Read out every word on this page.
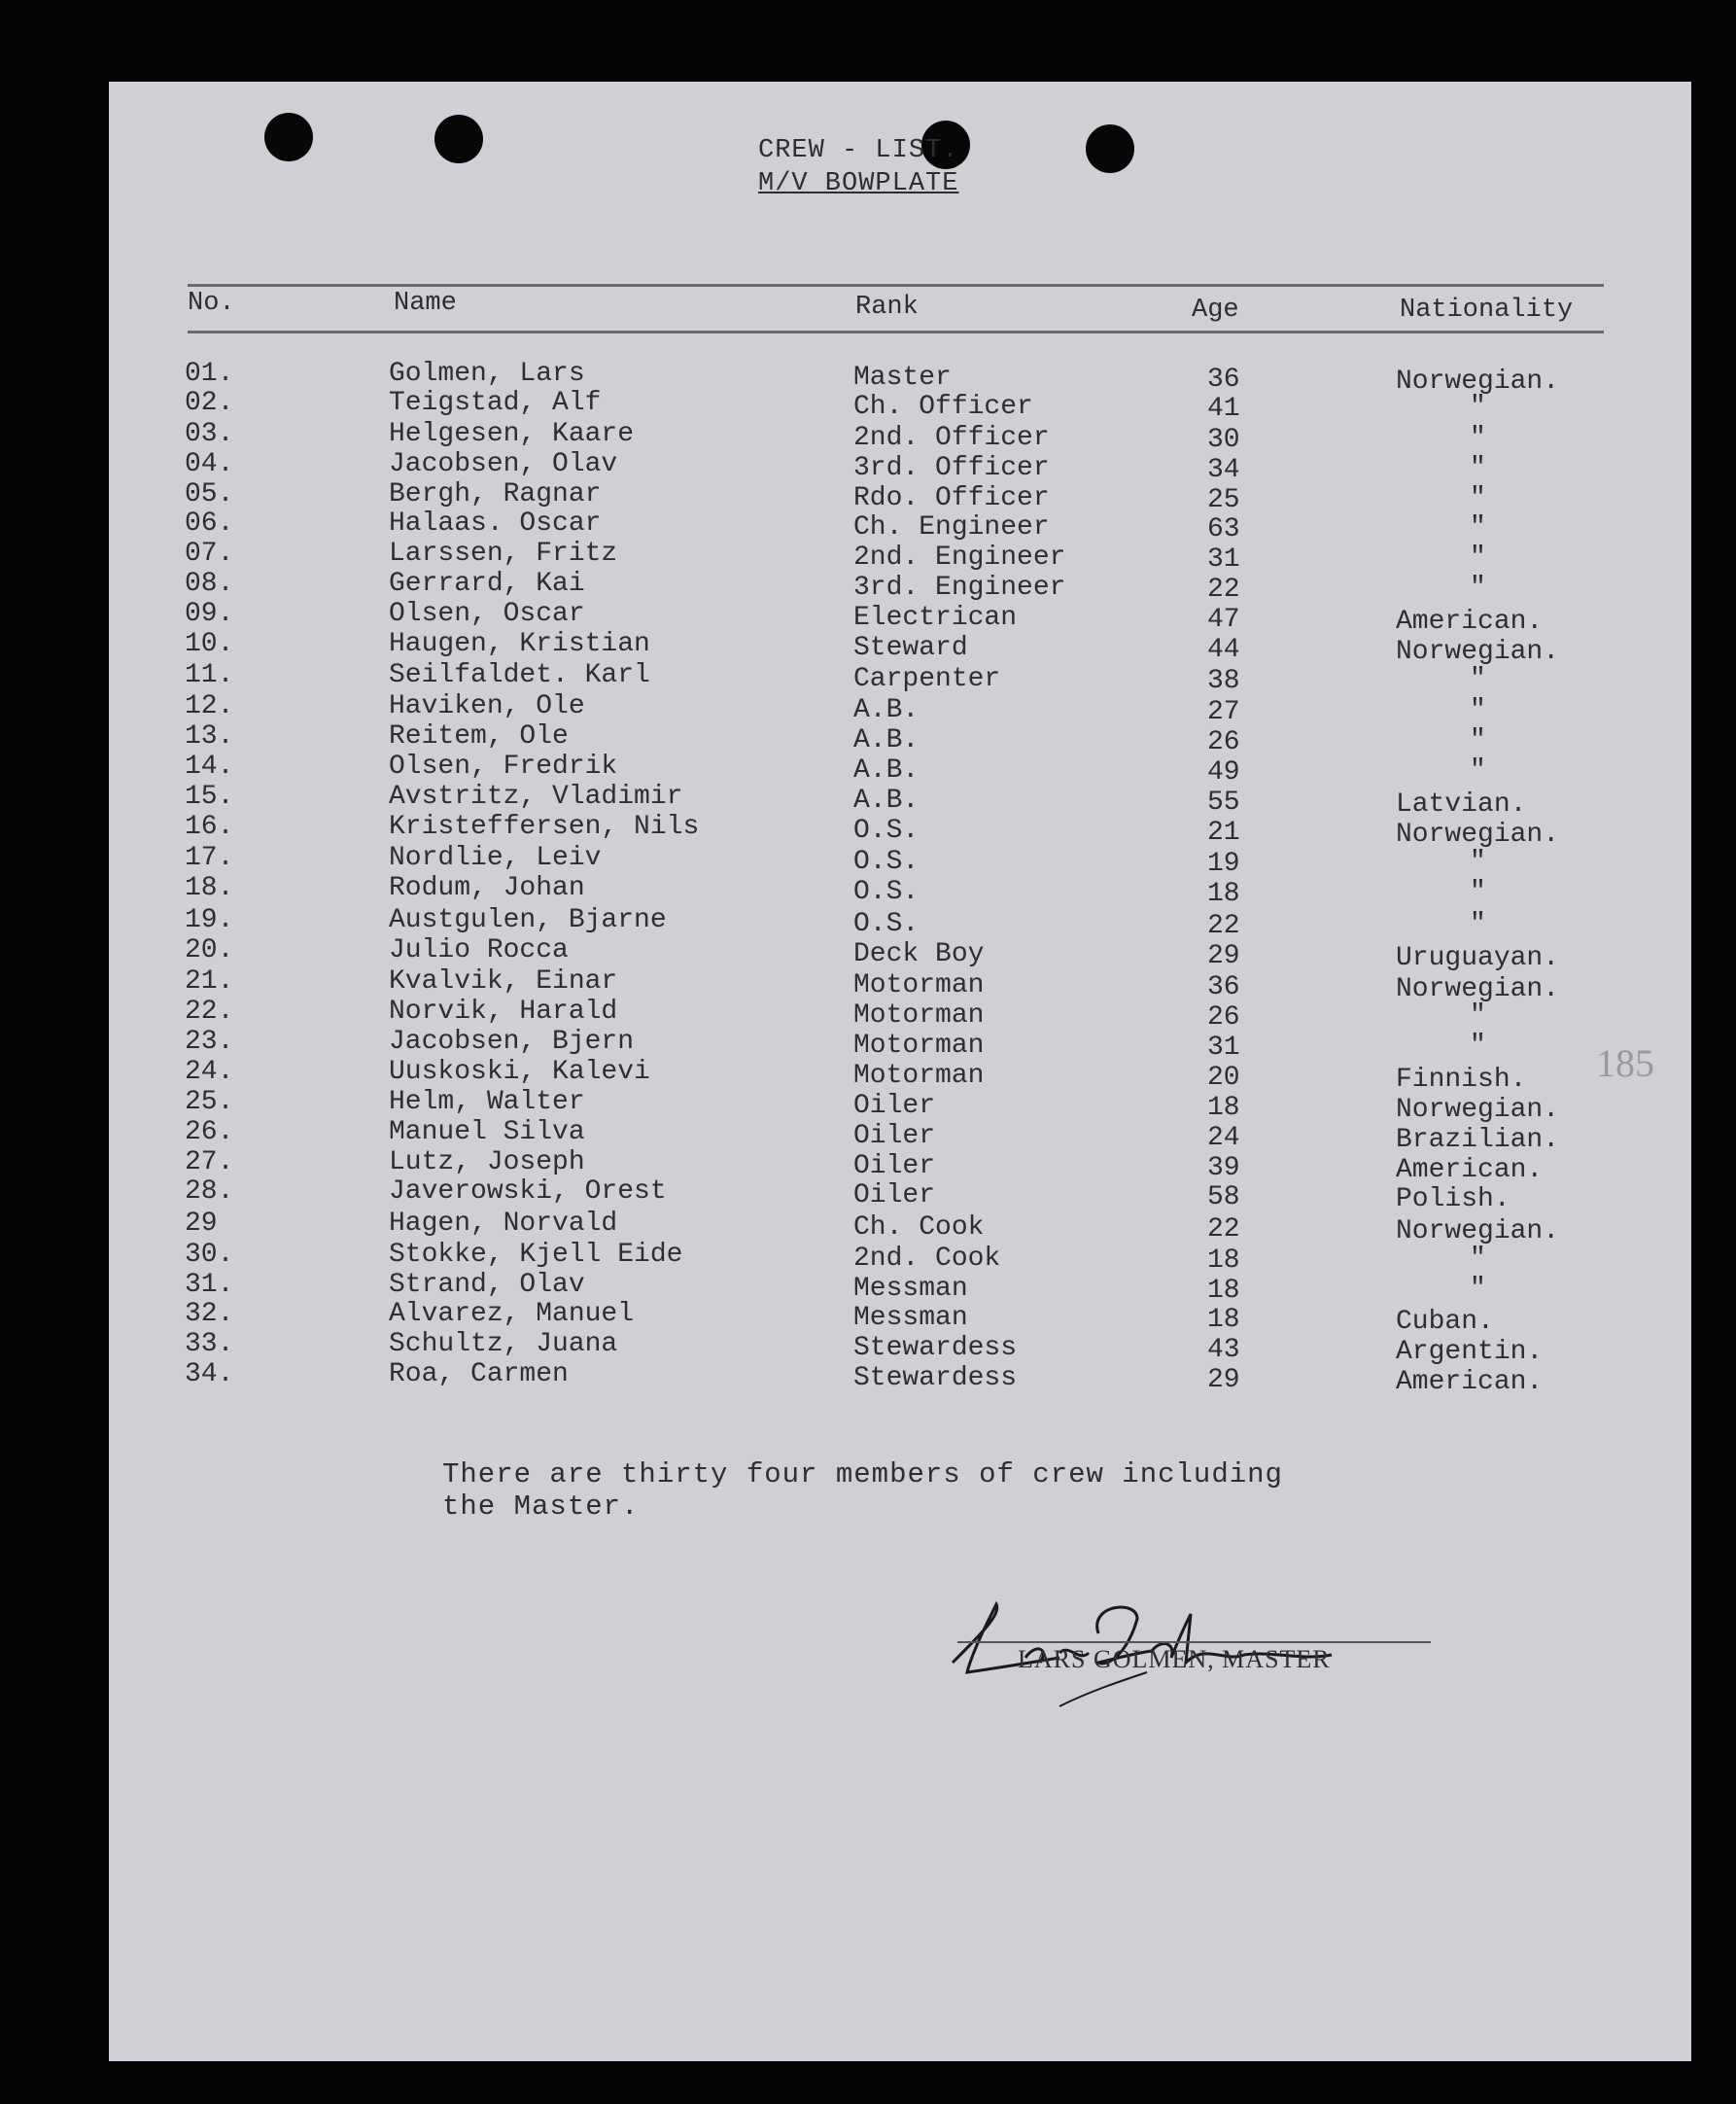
CREW - LIST.
M/V BOWPLATE
No.	Name	Rank	Age	Nationality
01.	Golmen, Lars	Master	36	Norwegian.
02.	Teigstad, Alf	Ch. Officer	41	"
03.	Helgesen, Kaare	2nd. Officer	30	"
04.	Jacobsen, Olav	3rd. Officer	34	"
05.	Bergh, Ragnar	Rdo. Officer	25	"
06.	Halaas. Oscar	Ch. Engineer	63	"
07.	Larssen, Fritz	2nd. Engineer	31	"
08.	Gerrard, Kai	3rd. Engineer	22	"
09.	Olsen, Oscar	Electrican	47	American.
10.	Haugen, Kristian	Steward	44	Norwegian.
11.	Seilfaldet. Karl	Carpenter	38	"
12.	Haviken, Ole	A.B.	27	"
13.	Reitem, Ole	A.B.	26	"
14.	Olsen, Fredrik	A.B.	49	"
15.	Avstritz, Vladimir	A.B.	55	Latvian.
16.	Kristeffersen, Nils	O.S.	21	Norwegian.
17.	Nordlie, Leiv	O.S.	19	"
18.	Rodum, Johan	O.S.	18	"
19.	Austgulen, Bjarne	O.S.	22	"
20.	Julio Rocca	Deck Boy	29	Uruguayan.
21.	Kvalvik, Einar	Motorman	36	Norwegian.
22.	Norvik, Harald	Motorman	26	"
23.	Jacobsen, Bjern	Motorman	31	"
24.	Uuskoski, Kalevi	Motorman	20	Finnish.
25.	Helm, Walter	Oiler	18	Norwegian.
26.	Manuel Silva	Oiler	24	Brazilian.
27.	Lutz, Joseph	Oiler	39	American.
28.	Javerowski, Orest	Oiler	58	Polish.
29	Hagen, Norvald	Ch. Cook	22	Norwegian.
30.	Stokke, Kjell Eide	2nd. Cook	18	"
31.	Strand, Olav	Messman	18	"
32.	Alvarez, Manuel	Messman	18	Cuban.
33.	Schultz, Juana	Stewardess	43	Argentin.
34.	Roa, Carmen	Stewardess	29	American.
185
There are thirty four members of crew including
the Master.
LARS GOLMEN, MASTER
